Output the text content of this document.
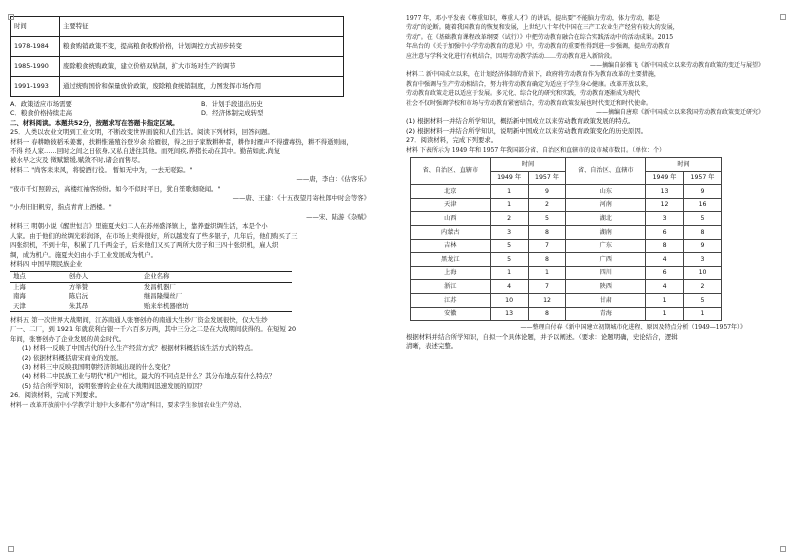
时间	主要特征
1978-1984	粮食购销政策不变，提高粮食收购价格，计划调控方式初步转变
1985-1990	废除粮食统购政策，建立价格双轨制，扩大市场对生产的调节
1991-1993	通过统购国价和保量放价政策，废除粮食统销制度，力图发挥市场作用
A．政策适应市场需要	B．计划手段退出历史
C．粮食价格持续走高	D．经济体制完成转型
二、材料阅读。本题共52分，按题求写在答题卡指定区域。
25．人类以农业文明到工业文明，不断改变世界面貌和人们生活。阅读下列材料，回答问题。
材料一 春耕瞻彼稻禾姜薯，扶耕惟谨殖谷登岁余 给雁很，得之田子家数耕种者，耕作时雁声不得遭毒热，耕不得逝则雨，
不得 经人家……回时之间之日依身,又私自进往其他。而死间疾,养猪长动在其中。勤苗如此,尚复
被水早之灾及 徵赋繁缓,赋敛不时,诸会而售尽。
材料二 "尚客耒耒风，将貌酒行役。 暂如无中为，一去无嗟踪。"
——唐，李白：《估客乐》
"夜市千灯照碧云，高楼红袖客纷纷。如今不似时平日，犹自笙歌彻晓闻。"
——唐、王建：《十五夜望月寄杜郎中时会等客》
"小舟旧旧帆穷，指点青青上酒楼。"
——宋、陆游《杂赋》
材料三 明朝小说《醒世恒言》里施夏夫妇二人在苏州盛泽镇上，靠养蚕织绸生活，本是个小
人家。由于他们的丝绸光彩润泽，在市场上卖得很好，所以越发有了些多银子，几年后，他们购买了三
四张织机，不到十年，积累了几千两金子，后来他们又买了两所大房子和三四十张织机，雇人织
绸，成为机户。施夏夫妇由小手工业发展成为机户。
材料四 中国早期民族企业
地点	创办人	企业名称
上海	方举赞	发昌机器厂
南海	陈启沅	继昌隆缫丝厂
天津	朱其昂	贻来牟机器磨坊
材料五 第一次世界大战期间，江苏南通人张謇创办的南通大生纱厂资金发展很快，仅大生纱
厂一、二厂，到 1921 年就获利白银一千六百多万两，其中三分之二是在大战期间获得的。在短短 20
年间，张謇创办了企业发展的黄金时代。
(1) 材料一反映了中国古代的什么生产经营方式？根据材料概括该生活方式的特点。
(2) 依据材料概括唐宋商业的发展。
(3) 材料三中反映我国明朝经济领域出现的什么变化？
(4) 材料二中民族工业与明代"机户"相比，最大的不同点是什么？其分布地点有什么特点？
(5) 结合所学知识，说明张謇的企业在大战期间迅速发展的原因？
26．阅读材料，完成下列要求。
材料一 改革开放前中小学教学计划中大多都有"劳动"科目，要求学生参加农业生产劳动、
1977 年，邓小平发表《尊重知识，尊重人才》的讲话，提出要"不能脑力劳动，体力劳动，都是
劳动"的论断。随着我国教育的恢复和发展，上世纪八十年代中国在三产工农业生产经营有较大的发展，
劳动"。在《基础教育课程改革纲要（试行）》中把劳动教育融合在综合实践活动中的活动成果。2015
年出台的《关于加强中小学劳动教育的意见》中，劳动教育的重要性得到进一步强调，提出劳动教育
应注意与学科文化进行有机结合，因用劳动教学活动……劳动教育进入新阶段。
——摘编自彭雅飞《新中国成立以来劳动教育政策的变迁与展望》
材料二 新中国成立以来，在计划经济体制的背景下，政府将劳动教育作为教育改革的主要措施，
教育中强调与生产劳动相结合，努力将劳动教育确定为适应于学生身心健康。改革开放以来，
劳动教育政策走进以适应于发展。多元化、综合化的研究和实践，劳动教育逐渐成为现代
社会不仅时强调学校和市场与劳动教育紧密结合，劳动教育政策发展也时代变迁和时代使命。
——摘编自唐琼《新中国成立以来我国劳动教育政策变迁研究》
(1) 根据材料一并结合所学知识，概括新中国成立以来劳动教育政策发展的特点。
(2) 根据材料一并结合所学知识，说明新中国成立以来劳动教育政策变化的历史原因。
27．阅读材料，完成下列要求。
材料 下表所示为 1949 年和 1957 年我国部分省、自治区和直辖市的设市城市数目。（单位：个）
省、自治区、直辖市	时间		省、自治区、直辖市	时间	
	1949 年	1957 年		1949 年	1957 年
北京	1	9	山东	13	9
天津	1	2	河南	12	16
山西	2	5	湖北	3	5
内蒙古	3	8	湖南	6	8
吉林	5	7	广东	8	9
黑龙江	5	8	广西	4	3
上海	1	1	四川	6	10
浙江	4	7	陕西	4	2
江苏	10	12	甘肃	1	5
安徽	13	8	青海	1	1
——整理自付春《新中国建立初期城市化进程、原因及特点分析（1949—1957年）》
根据材料并结合所学知识，自拟一个具体论题，并予以阐述。（要求：论题明确，史论结合，逻辑
清晰，表述完整。
